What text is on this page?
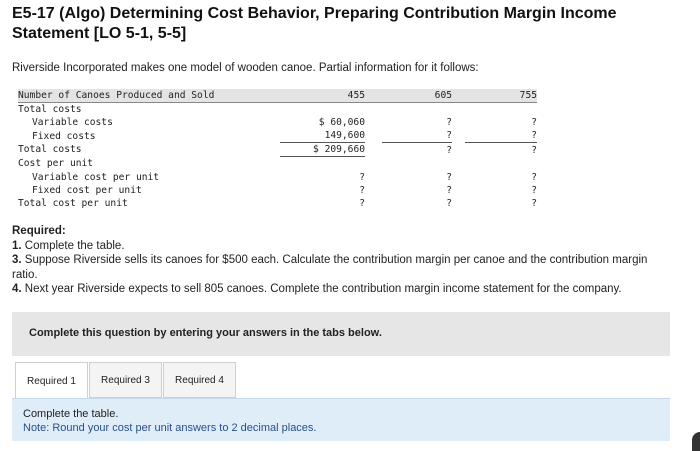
E5-17 (Algo) Determining Cost Behavior, Preparing Contribution Margin Income Statement [LO 5-1, 5-5]
Riverside Incorporated makes one model of wooden canoe. Partial information for it follows:
Number of Canoes Produced and Sold	455		605		755
Total costs					
Variable costs	$ 60,060		?		?
Fixed costs	149,600		?		?
Total costs	$ 209,660		?		?
Cost per unit					
Variable cost per unit	?		?		?
Fixed cost per unit	?		?		?
Total cost per unit	?		?		?
Required:
1. Complete the table.
3. Suppose Riverside sells its canoes for $500 each. Calculate the contribution margin per canoe and the contribution margin ratio.
4. Next year Riverside expects to sell 805 canoes. Complete the contribution margin income statement for the company.
Complete this question by entering your answers in the tabs below.
Required 1	Required 3	Required 4
Complete the table.
Note: Round your cost per unit answers to 2 decimal places.
